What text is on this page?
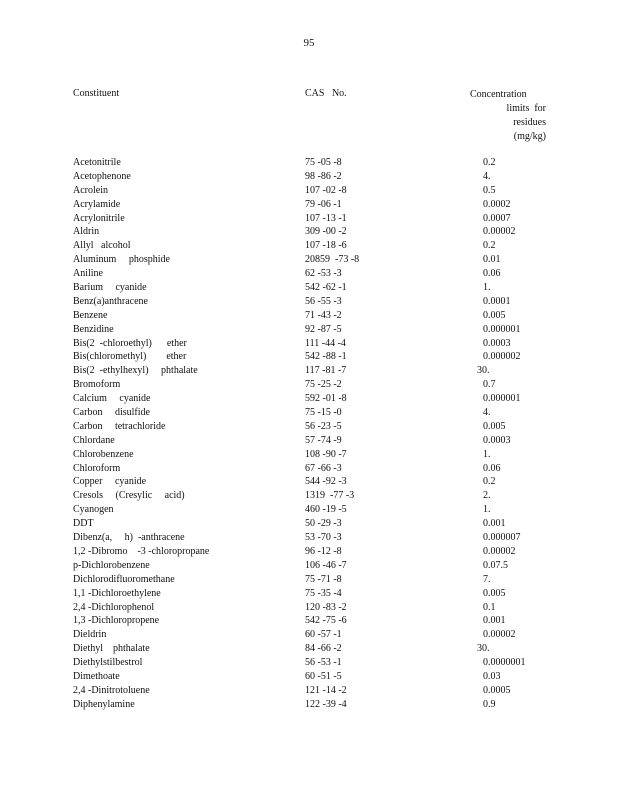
95
Constituent	CAS   No.	Concentration
limits  for
residues
(mg/kg)
Acetonitrile	75 -05 -8	0.2
Acetophenone	98 -86 -2	4.
Acrolein	107 -02 -8	0.5
Acrylamide	79 -06 -1	0.0002
Acrylonitrile	107 -13 -1	0.0007
Aldrin	309 -00 -2	0.00002
Allyl   alcohol	107 -18 -6	0.2
Aluminum     phosphide	20859  -73 -8	0.01
Aniline	62 -53 -3	0.06
Barium     cyanide	542 -62 -1	1.
Benz(a)anthracene	56 -55 -3	0.0001
Benzene	71 -43 -2	0.005
Benzidine	92 -87 -5	0.000001
Bis(2  -chloroethyl)      ether	111 -44 -4	0.0003
Bis(chloromethyl)        ether	542 -88 -1	0.000002
Bis(2  -ethylhexyl)     phthalate	117 -81 -7	30.
Bromoform	75 -25 -2	0.7
Calcium     cyanide	592 -01 -8	0.000001
Carbon     disulfide	75 -15 -0	4.
Carbon     tetrachloride	56 -23 -5	0.005
Chlordane	57 -74 -9	0.0003
Chlorobenzene	108 -90 -7	1.
Chloroform	67 -66 -3	0.06
Copper     cyanide	544 -92 -3	0.2
Cresols     (Cresylic     acid)	1319  -77 -3	2.
Cyanogen	460 -19 -5	1.
DDT	50 -29 -3	0.001
Dibenz(a,     h)  -anthracene	53 -70 -3	0.000007
1,2 -Dibromo    -3 -chloropropane	96 -12 -8	0.00002
p-Dichlorobenzene	106 -46 -7	0.07.5
Dichlorodifluoromethane	75 -71 -8	7.
1,1 -Dichloroethylene	75 -35 -4	0.005
2,4 -Dichlorophenol	120 -83 -2	0.1
1,3 -Dichloropropene	542 -75 -6	0.001
Dieldrin	60 -57 -1	0.00002
Diethyl    phthalate	84 -66 -2	30.
Diethylstilbestrol	56 -53 -1	0.0000001
Dimethoate	60 -51 -5	0.03
2,4 -Dinitrotoluene	121 -14 -2	0.0005
Diphenylamine	122 -39 -4	0.9
